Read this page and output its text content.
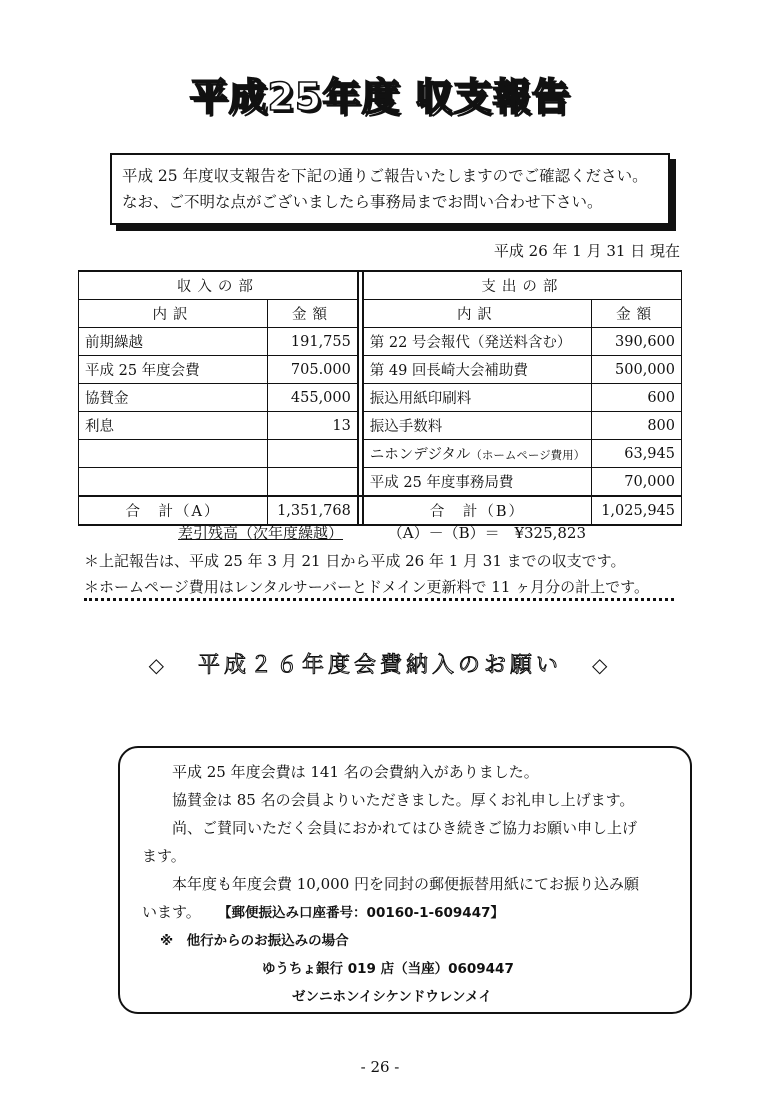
平成25年度 収支報告
平成 25 年度収支報告を下記の通りご報告いたしますのでご確認ください。
なお、ご不明な点がございましたら事務局までお問い合わせ下さい。
平成 26 年 1 月 31 日 現在
収入の部			支出の部	
内訳	金額		内訳	金額
前期繰越	191,755		第 22 号会報代（発送料含む）	390,600
平成 25 年度会費	705.000		第 49 回長崎大会補助費	500,000
協賛金	455,000		振込用紙印刷料	600
利息	13		振込手数料	800
			ニホンデジタル（ホームページ費用）	63,945
			平成 25 年度事務局費	70,000
合　計（A）	1,351,768		合　計（B）	1,025,945
差引残高（次年度繰越）	（A）－（B）＝ ¥325,823
＊上記報告は、平成 25 年 3 月 21 日から平成 26 年 1 月 31 までの収支です。
＊ホームページ費用はレンタルサーバーとドメイン更新料で 11 ヶ月分の計上です。
◇ 平成２６年度会費納入のお願い ◇

平成 25 年度会費は 141 名の会費納入がありました。

協賛金は 85 名の会員よりいただきました。厚くお礼申し上げます。

尚、ご賛同いただく会員におかれてはひき続きご協力お願い申し上げ

ます。

本年度も年度会費 10,000 円を同封の郵便振替用紙にてお振り込み願

います。 【郵便振込み口座番号：00160-1-609447】

※　他行からのお振込みの場合

ゆうちょ銀行 019 店（当座）0609447

ゼンニホンイシケンドウレンメイ

- 26 -
